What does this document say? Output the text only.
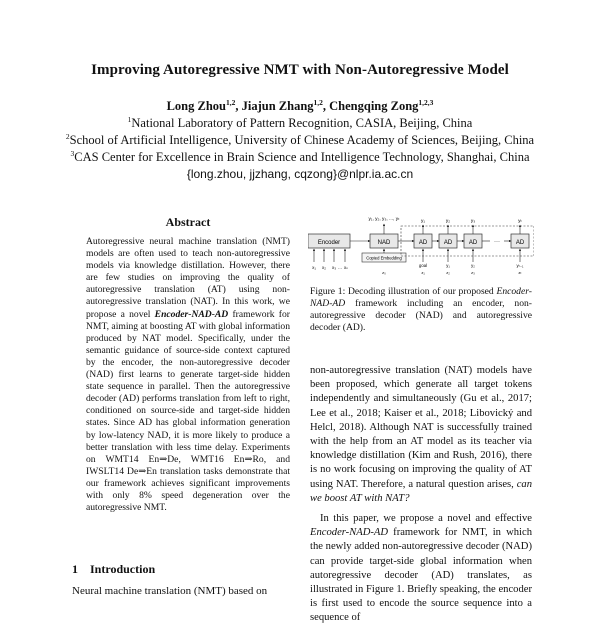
Improving Autoregressive NMT with Non-Autoregressive Model
Long Zhou$^{1,2}$, Jiajun Zhang$^{1,2}$, Chengqing Zong$^{1,2,3}$
$^1$National Laboratory of Pattern Recognition, CASIA, Beijing, China
$^2$School of Artificial Intelligence, University of Chinese Academy of Sciences, Beijing, China
$^3$CAS Center for Excellence in Brain Science and Intelligence Technology, Shanghai, China
{long.zhou, jjzhang, cqzong}@nlpr.ia.ac.cn
Abstract

Autoregressive neural machine translation (NMT) models are often used to teach non-autoregressive models via knowledge distillation. However, there are few studies on improving the quality of autoregressive translation (AT) using non-autoregressive translation (NAT). In this work, we propose a novel Encoder-NAD-AD framework for NMT, aiming at boosting AT with global information produced by NAT model. Specifically, under the semantic guidance of source-side context captured by the encoder, the non-autoregressive decoder (NAD) first learns to generate target-side hidden state sequence in parallel. Then the autoregressive decoder (AD) performs translation from left to right, conditioned on source-side and target-side hidden states. Since AD has global information generation by low-latency NAD, it is more likely to produce a better translation with less time delay. Experiments on WMT14 En⇒De, WMT16 En⇒Ro, and IWSLT14 De⇒En translation tasks demonstrate that our framework achieves significant improvements with only 8% speed degeneration over the autoregressive NMT.

1 Introduction
Neural machine translation (NMT) based on
Encoder
x₁ x₂ x₃ ... xₙ
NAD
Copied Embedding
y₁, y₂, y₃, ..., yₜ
z₀
AD
y₁
goal
z₁
AD
y₂
y₁
z₂
AD
y₃
y₂
z₃
···	AD
yₜ
yₜ₋₁
zₜ
Figure 1: Decoding illustration of our proposed Encoder-NAD-AD framework including an encoder, non-autoregressive decoder (NAD) and autoregressive decoder (AD).

non-autoregressive translation (NAT) models have been proposed, which generate all target tokens independently and simultaneously (Gu et al., 2017; Lee et al., 2018; Kaiser et al., 2018; Libovický and Helcl, 2018). Although NAT is successfully trained with the help from an AT model as its teacher via knowledge distillation (Kim and Rush, 2016), there is no work focusing on improving the quality of AT using NAT. Therefore, a natural question arises, can we boost AT with NAT?

In this paper, we propose a novel and effective Encoder-NAD-AD framework for NMT, in which the newly added non-autoregressive decoder (NAD) can provide target-side global information when autoregressive decoder (AD) translates, as illustrated in Figure 1. Briefly speaking, the encoder is first used to encode the source sequence into a sequence of
